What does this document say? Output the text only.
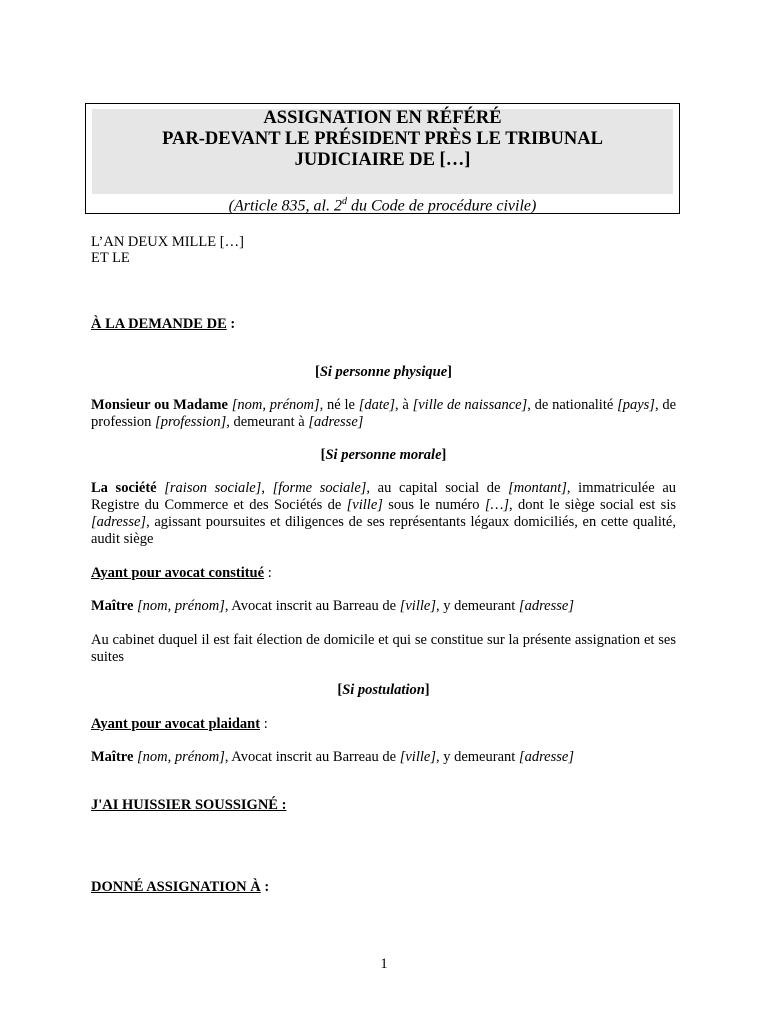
ASSIGNATION EN RÉFÉRÉ
PAR-DEVANT LE PRÉSIDENT PRÈS LE TRIBUNAL
JUDICIAIRE DE […]
(Article 835, al. 2$^d$ du Code de procédure civile)
L’AN DEUX MILLE […]
ET LE
À LA DEMANDE DE :
[Si personne physique]
Monsieur ou Madame [nom, prénom], né le [date], à [ville de naissance], de nationalité [pays], de profession [profession], demeurant à [adresse]
[Si personne morale]
La société [raison sociale], [forme sociale], au capital social de [montant], immatriculée au Registre du Commerce et des Sociétés de [ville] sous le numéro […], dont le siège social est sis [adresse], agissant poursuites et diligences de ses représentants légaux domiciliés, en cette qualité, audit siège
Ayant pour avocat constitué :
Maître [nom, prénom], Avocat inscrit au Barreau de [ville], y demeurant [adresse]
Au cabinet duquel il est fait élection de domicile et qui se constitue sur la présente assignation et ses suites
[Si postulation]
Ayant pour avocat plaidant :
Maître [nom, prénom], Avocat inscrit au Barreau de [ville], y demeurant [adresse]
J'AI HUISSIER SOUSSIGNÉ :
DONNÉ ASSIGNATION À :
1
